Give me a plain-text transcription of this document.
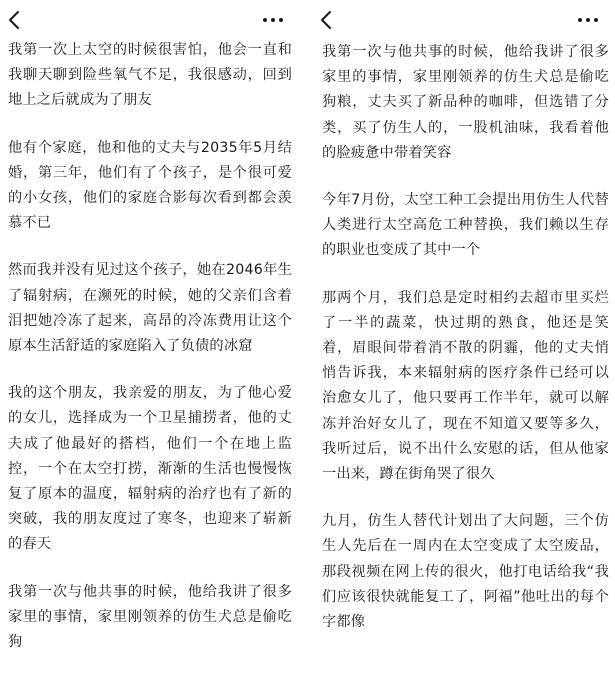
我第一次上太空的时候很害怕，他会一直和我聊天聊到险些氧气不足，我很感动，回到地上之后就成为了朋友

他有个家庭，他和他的丈夫与2035年5月结婚，第三年，他们有了个孩子，是个很可爱的小女孩，他们的家庭合影每次看到都会羡慕不已

然而我并没有见过这个孩子，她在2046年生了辐射病，在濒死的时候，她的父亲们含着泪把她冷冻了起来，高昂的冷冻费用让这个原本生活舒适的家庭陷入了负债的冰窟

我的这个朋友，我亲爱的朋友，为了他心爱的女儿，选择成为一个卫星捕捞者，他的丈夫成了他最好的搭档，他们一个在地上监控，一个在太空打捞，渐渐的生活也慢慢恢复了原本的温度，辐射病的治疗也有了新的突破，我的朋友度过了寒冬，也迎来了崭新的春天

我第一次与他共事的时候，他给我讲了很多家里的事情，家里刚领养的仿生犬总是偷吃狗

我第一次与他共事的时候，他给我讲了很多家里的事情，家里刚领养的仿生犬总是偷吃狗粮，丈夫买了新品种的咖啡，但选错了分类，买了仿生人的，一股机油味，我看着他的脸疲惫中带着笑容

今年7月份，太空工种工会提出用仿生人代替人类进行太空高危工种替换，我们赖以生存的职业也变成了其中一个

那两个月，我们总是定时相约去超市里买烂了一半的蔬菜，快过期的熟食，他还是笑着，眉眼间带着消不散的阴霾，他的丈夫悄悄告诉我，本来辐射病的医疗条件已经可以治愈女儿了，他只要再工作半年，就可以解冻并治好女儿了，现在不知道又要等多久，我听过后，说不出什么安慰的话，但从他家一出来，蹲在街角哭了很久

九月，仿生人替代计划出了大问题，三个仿生人先后在一周内在太空变成了太空废品，那段视频在网上传的很火，他打电话给我“我们应该很快就能复工了，阿福”他吐出的每个字都像
